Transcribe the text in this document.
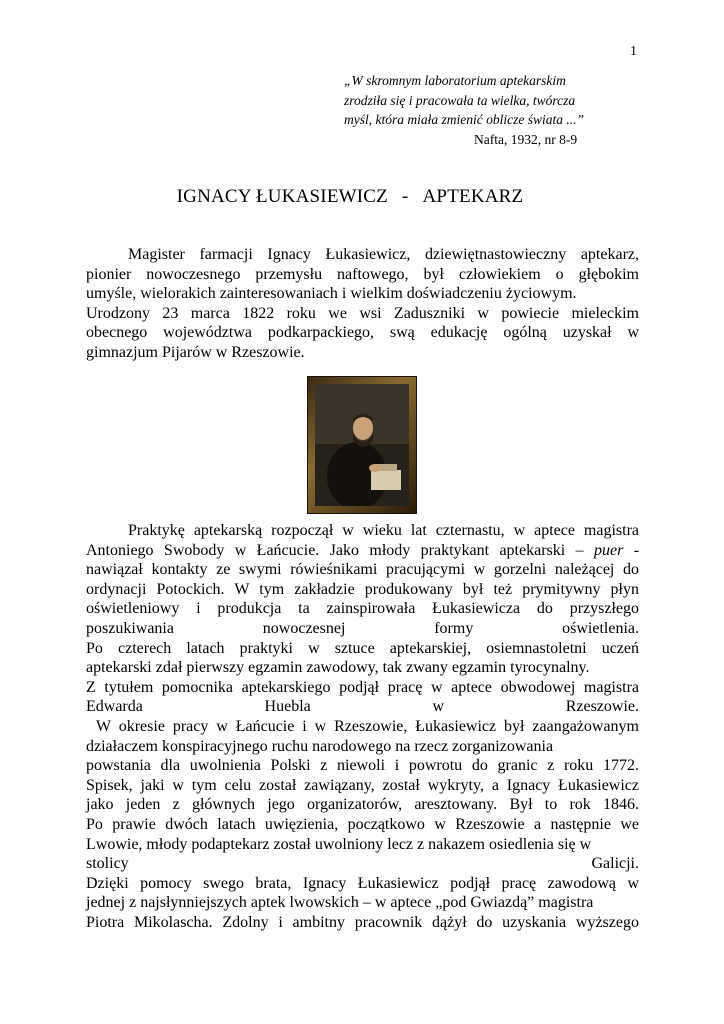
1
„W skromnym laboratorium aptekarskim
zrodziła się i pracowała ta wielka, twórcza
myśl, która miała zmienić oblicze świata ...”
Nafta, 1932, nr 8-9
IGNACY ŁUKASIEWICZ - APTEKARZ
Magister farmacji Ignacy Łukasiewicz, dziewiętnastowieczny aptekarz,
pionier nowoczesnego przemysłu naftowego, był człowiekiem o głębokim
umyśle, wielorakich zainteresowaniach i wielkim doświadczeniu życiowym.
Urodzony 23 marca 1822 roku we wsi Zaduszniki w powiecie mieleckim
obecnego województwa podkarpackiego, swą edukację ogólną uzyskał w
gimnazjum Pijarów w Rzeszowie.
Praktykę aptekarską rozpoczął w wieku lat czternastu, w aptece magistra
Antoniego Swobody w Łańcucie. Jako młody praktykant aptekarski – puer -
nawiązał kontakty ze swymi rówieśnikami pracującymi w gorzelni należącej do
ordynacji Potockich. W tym zakładzie produkowany był też prymitywny płyn
oświetleniowy i produkcja ta zainspirowała Łukasiewicza do przyszłego
poszukiwania nowoczesnej formy oświetlenia.
Po czterech latach praktyki w sztuce aptekarskiej, osiemnastoletni uczeń
aptekarski zdał pierwszy egzamin zawodowy, tak zwany egzamin tyrocynalny.
Z tytułem pomocnika aptekarskiego podjął pracę w aptece obwodowej magistra
Edwarda Huebla w Rzeszowie.
W okresie pracy w Łańcucie i w Rzeszowie, Łukasiewicz był zaangażowanym
działaczem konspiracyjnego ruchu narodowego na rzecz zorganizowania
powstania dla uwolnienia Polski z niewoli i powrotu do granic z roku 1772.
Spisek, jaki w tym celu został zawiązany, został wykryty, a Ignacy Łukasiewicz
jako jeden z głównych jego organizatorów, aresztowany. Był to rok 1846.
Po prawie dwóch latach uwięzienia, początkowo w Rzeszowie a następnie we
Lwowie, młody podaptekarz został uwolniony lecz z nakazem osiedlenia się w
stolicy Galicji.
Dzięki pomocy swego brata, Ignacy Łukasiewicz podjął pracę zawodową w
jednej z najsłynniejszych aptek lwowskich – w aptece „pod Gwiazdą” magistra
Piotra Mikolascha. Zdolny i ambitny pracownik dążył do uzyskania wyższego
